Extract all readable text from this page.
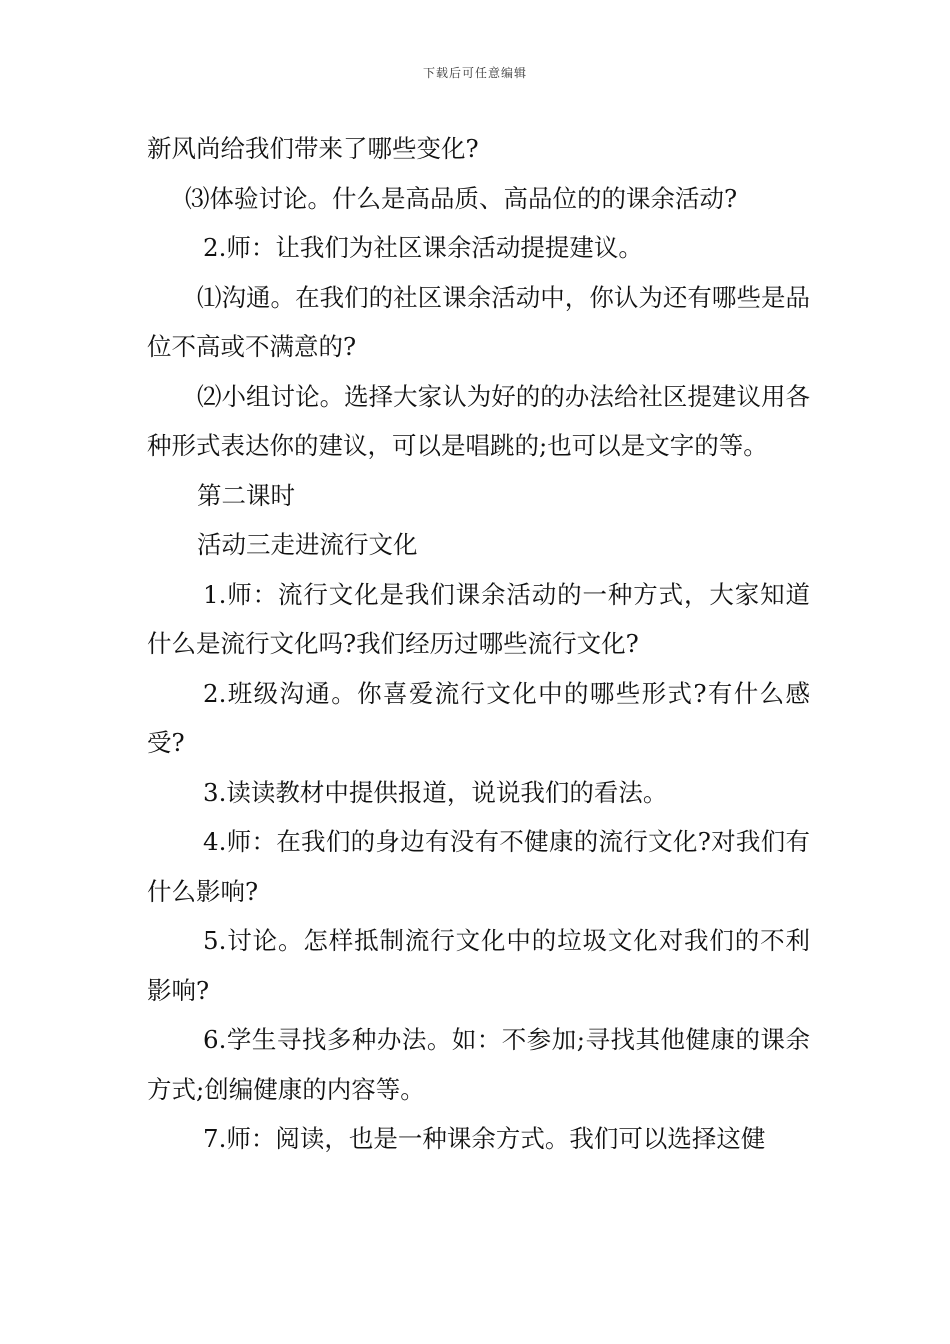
下载后可任意编辑

新风尚给我们带来了哪些变化?

⑶体验讨论。什么是高品质、高品位的的课余活动?

2.师：让我们为社区课余活动提提建议。

⑴沟通。在我们的社区课余活动中，你认为还有哪些是品位不高或不满意的?

⑵小组讨论。选择大家认为好的的办法给社区提建议用各种形式表达你的建议，可以是唱跳的;也可以是文字的等。

第二课时

活动三走进流行文化

1.师：流行文化是我们课余活动的一种方式，大家知道什么是流行文化吗?我们经历过哪些流行文化?

2.班级沟通。你喜爱流行文化中的哪些形式?有什么感受?

3.读读教材中提供报道，说说我们的看法。

4.师：在我们的身边有没有不健康的流行文化?对我们有什么影响?

5.讨论。怎样抵制流行文化中的垃圾文化对我们的不利影响?

6.学生寻找多种办法。如：不参加;寻找其他健康的课余方式;创编健康的内容等。

7.师：阅读，也是一种课余方式。我们可以选择这健
